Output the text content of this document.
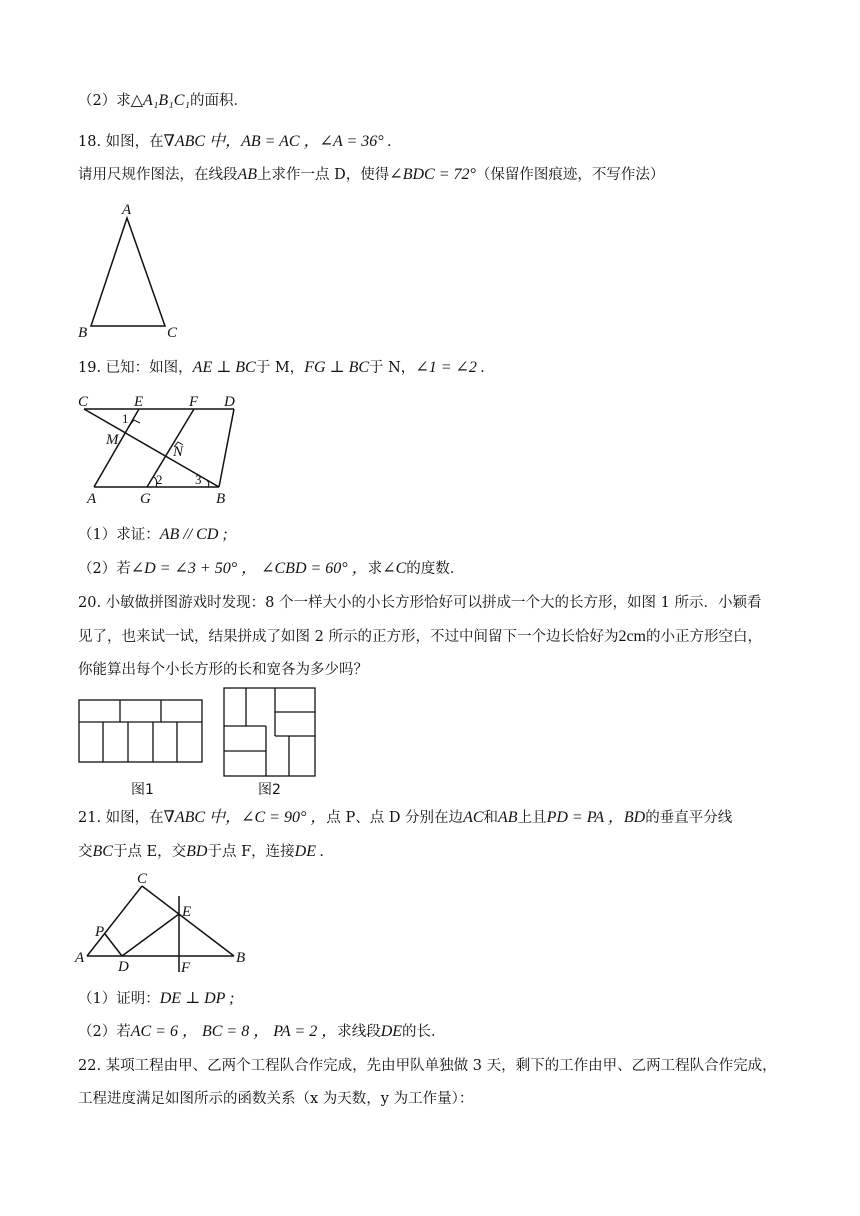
（2）求△A₁B₁C₁的面积．
18. 如图，在∇ABC 中，AB = AC ，∠A = 36° .
请用尺规作图法，在线段AB上求作一点 D，使得∠BDC = 72°（保留作图痕迹，不写作法）
A
B	C
19. 已知：如图，AE ⊥ BC于 M，FG ⊥ BC于 N，∠1 = ∠2 .
C	E	F D
1
M
N
2	3
A	G	B
（1）求证：AB // CD ;
（2）若∠D = ∠3 + 50° ， ∠CBD = 60° ，求∠C的度数．
20. 小敏做拼图游戏时发现：8 个一样大小的小长方形恰好可以拼成一个大的长方形，如图 1 所示．小颖看
见了，也来试一试，结果拼成了如图 2 所示的正方形，不过中间留下一个边长恰好为2cm的小正方形空白，
你能算出每个小长方形的长和宽各为多少吗？
图1	图2
21. 如图，在∇ABC 中，∠C = 90° ，点 P、点 D 分别在边AC和AB上且PD = PA ，BD的垂直平分线
交BC于点 E，交BD于点 F，连接DE .
C
E
P
A
D	F
B
（1）证明：DE ⊥ DP ;
（2）若AC = 6 ， BC = 8 ， PA = 2 ，求线段DE的长．
22. 某项工程由甲、乙两个工程队合作完成，先由甲队单独做 3 天，剩下的工作由甲、乙两工程队合作完成，
工程进度满足如图所示的函数关系（x 为天数，y 为工作量）：
